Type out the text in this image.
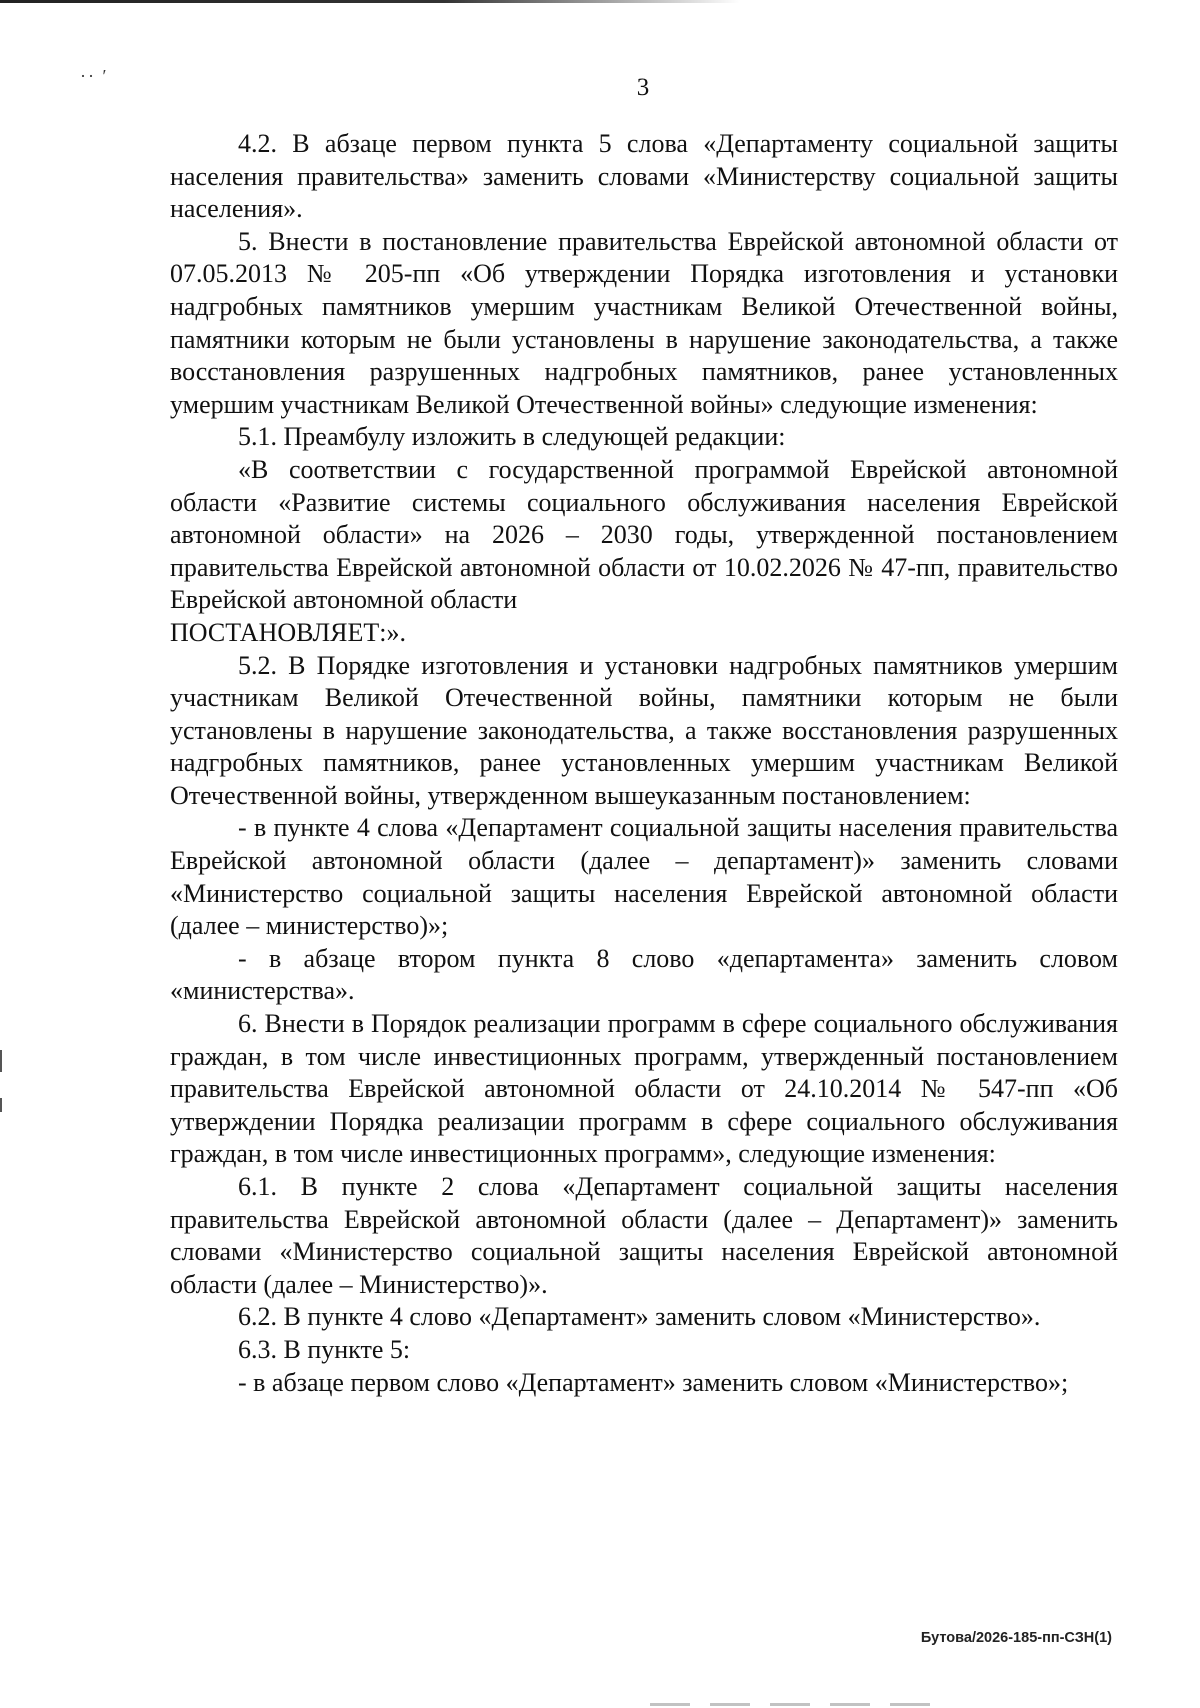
·· ′	3

4.2. В абзаце первом пункта 5 слова «Департаменту социальной защиты населения правительства» заменить словами «Министерству социальной защиты населения».

5. Внести в постановление правительства Еврейской автономной области от 07.05.2013 № 205-пп «Об утверждении Порядка изготовления и установки надгробных памятников умершим участникам Великой Отечественной войны, памятники которым не были установлены в нарушение законодательства, а также восстановления разрушенных надгробных памятников, ранее установленных умершим участникам Великой Отечественной войны» следующие изменения:

5.1. Преамбулу изложить в следующей редакции:

«В соответствии с государственной программой Еврейской автономной области «Развитие системы социального обслуживания населения Еврейской автономной области» на 2026 – 2030 годы, утвержденной постановлением правительства Еврейской автономной области от 10.02.2026 № 47-пп, правительство Еврейской автономной области

ПОСТАНОВЛЯЕТ:».

5.2. В Порядке изготовления и установки надгробных памятников умершим участникам Великой Отечественной войны, памятники которым не были установлены в нарушение законодательства, а также восстановления разрушенных надгробных памятников, ранее установленных умершим участникам Великой Отечественной войны, утвержденном вышеуказанным постановлением:

- в пункте 4 слова «Департамент социальной защиты населения правительства Еврейской автономной области (далее – департамент)» заменить словами «Министерство социальной защиты населения Еврейской автономной области (далее – министерство)»;

- в абзаце втором пункта 8 слово «департамента» заменить словом «министерства».

6. Внести в Порядок реализации программ в сфере социального обслуживания граждан, в том числе инвестиционных программ, утвержденный постановлением правительства Еврейской автономной области от 24.10.2014 № 547-пп «Об утверждении Порядка реализации программ в сфере социального обслуживания граждан, в том числе инвестиционных программ», следующие изменения:

6.1. В пункте 2 слова «Департамент социальной защиты населения правительства Еврейской автономной области (далее – Департамент)» заменить словами «Министерство социальной защиты населения Еврейской автономной области (далее – Министерство)».

6.2. В пункте 4 слово «Департамент» заменить словом «Министерство».

6.3. В пункте 5:

- в абзаце первом слово «Департамент» заменить словом «Министерство»;

Бутова/2026-185-пп-СЗН(1)
